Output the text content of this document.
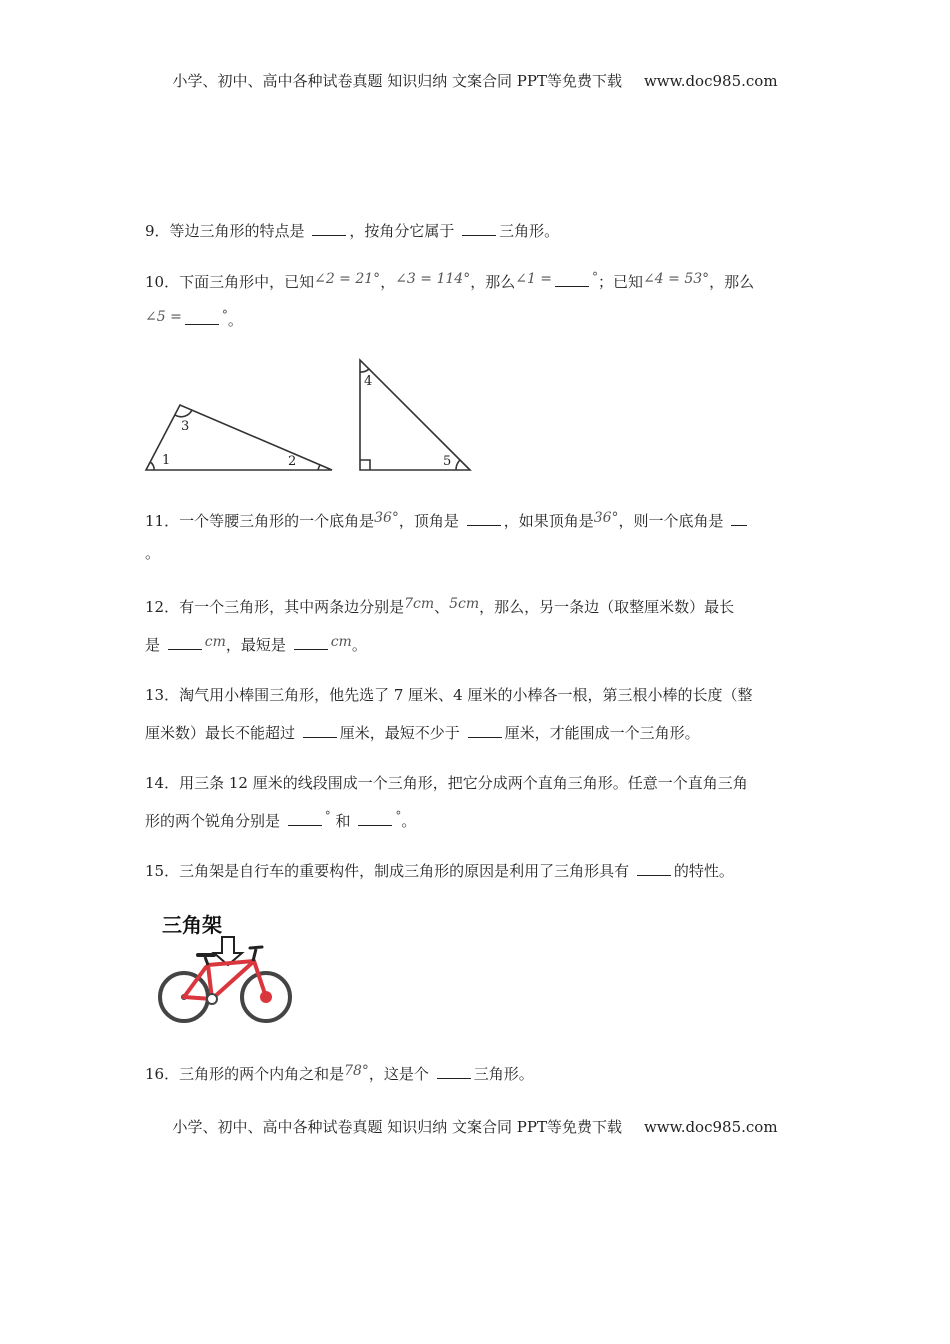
小学、初中、高中各种试卷真题 知识归纳 文案合同 PPT等免费下载 www.doc985.com
9．等边三角形的特点是	，按角分它属于	三角形。
10．下面三角形中，已知∠2 = 21°，∠3 = 114°，那么∠1 =	°；已知∠4 = 53°，那么
∠5 =	°。
1	2
3
4
5
11．一个等腰三角形的一个底角是36°，顶角是	，如果顶角是36°，则一个底角是
。
12．有一个三角形，其中两条边分别是7cm、5cm，那么，另一条边（取整厘米数）最长
是	cm，最短是	cm。
13．淘气用小棒围三角形，他先选了 7 厘米、4 厘米的小棒各一根，第三根小棒的长度（整
厘米数）最长不能超过	厘米，最短不少于	厘米，才能围成一个三角形。
14．用三条 12 厘米的线段围成一个三角形，把它分成两个直角三角形。任意一个直角三角
形的两个锐角分别是	° 和	°。
15．三角架是自行车的重要构件，制成三角形的原因是利用了三角形具有	的特性。
三角架
16．三角形的两个内角之和是78°，这是个	三角形。
小学、初中、高中各种试卷真题 知识归纳 文案合同 PPT等免费下载 www.doc985.com
